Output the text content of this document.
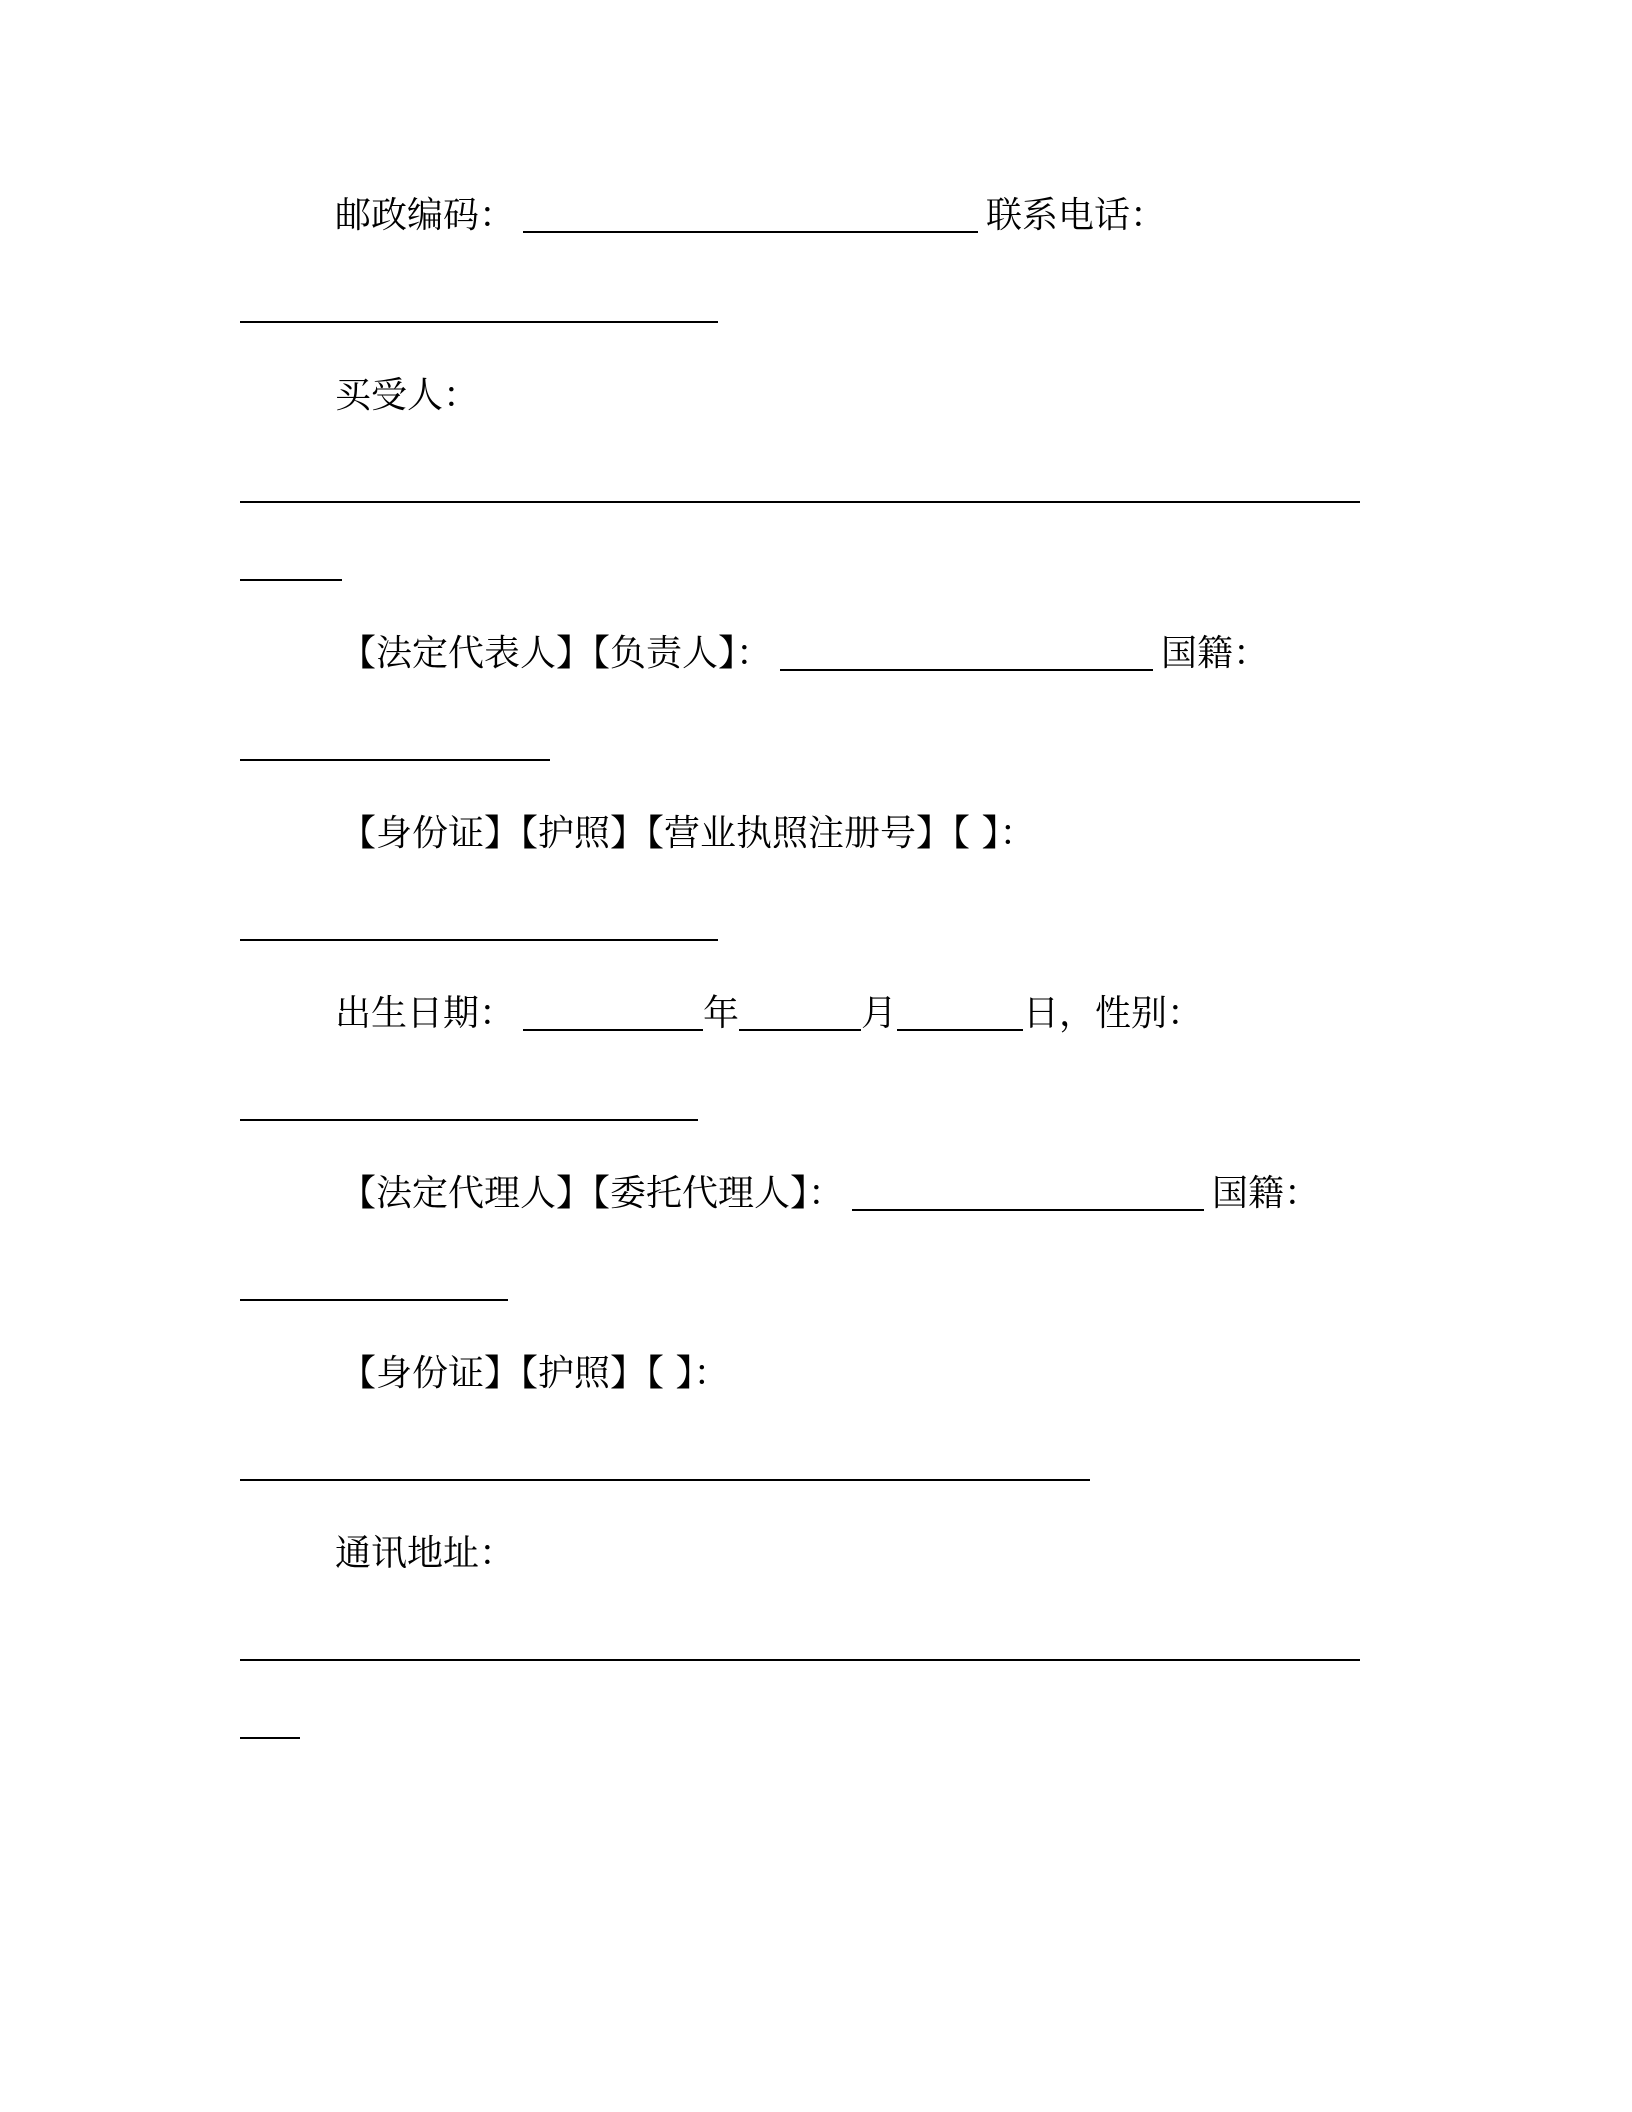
邮政编码：	联系电话：
买受人：
【法定代表人】【负责人】：	国籍：
【身份证】【护照】【营业执照注册号】【 】：
出生日期：	年	月	日，性别：
【法定代理人】【委托代理人】：	国籍：
【身份证】【护照】【 】：
通讯地址：
